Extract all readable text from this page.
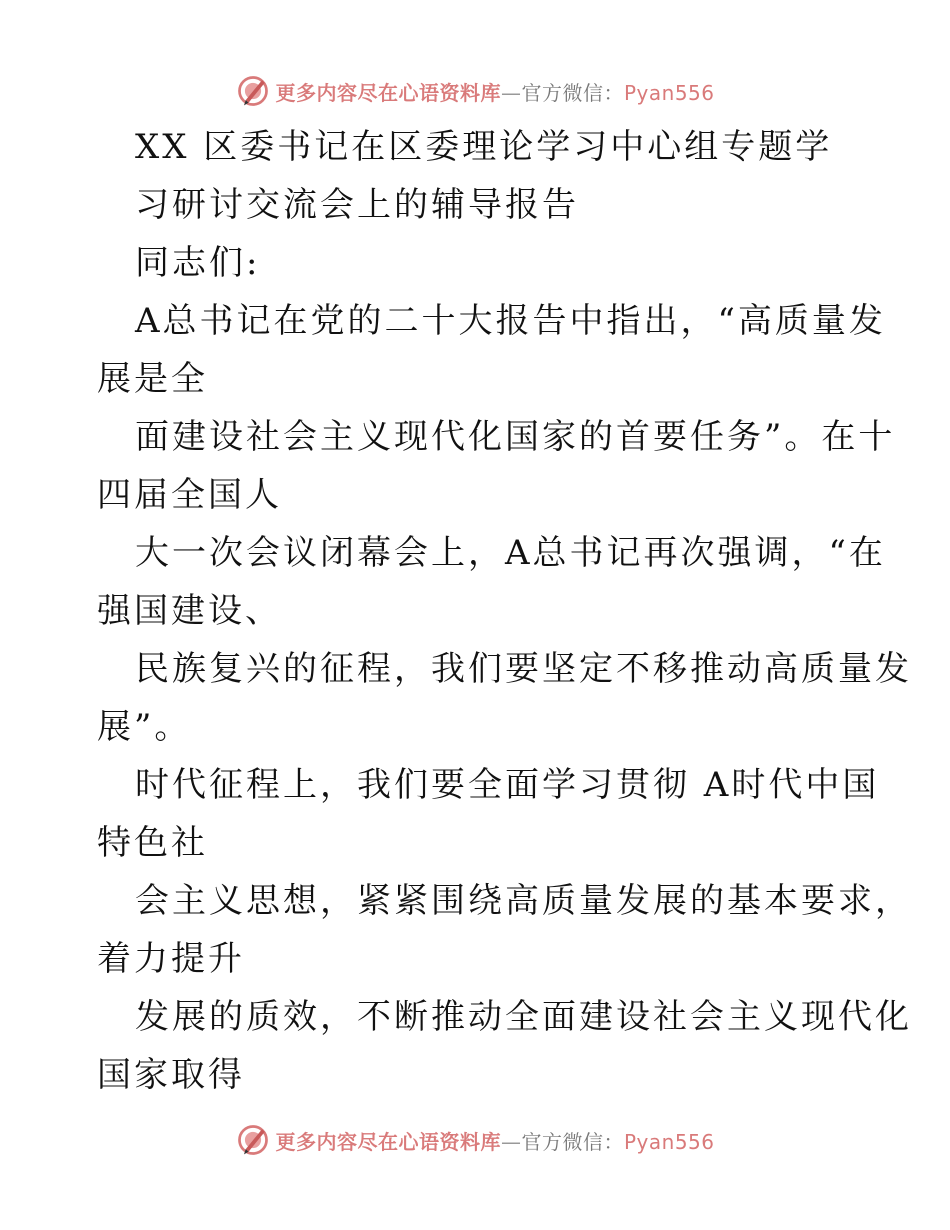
更多内容尽在心语资料库—官方微信：Pyan556
XX 区委书记在区委理论学习中心组专题学
习研讨交流会上的辅导报告
同志们:
A总书记在党的二十大报告中指出，“高质量发
展是全
面建设社会主义现代化国家的首要任务”。在十
四届全国人
大一次会议闭幕会上，A总书记再次强调，“在
强国建设、
民族复兴的征程，我们要坚定不移推动高质量发
展”。
时代征程上，我们要全面学习贯彻 A时代中国
特色社
会主义思想，紧紧围绕高质量发展的基本要求，
着力提升
发展的质效，不断推动全面建设社会主义现代化
国家取得
更多内容尽在心语资料库—官方微信：Pyan556
